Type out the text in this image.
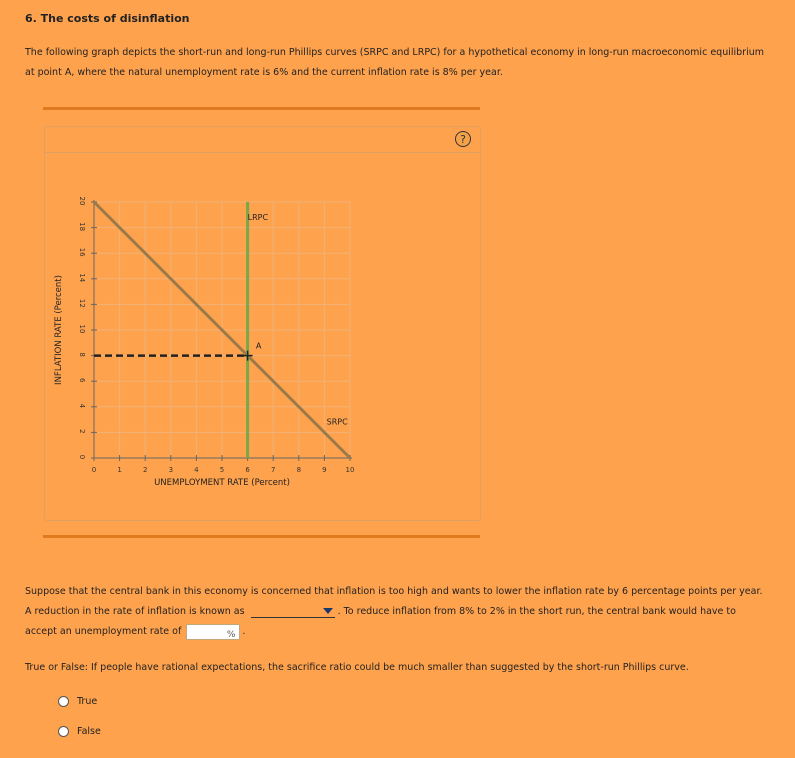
6. The costs of disinflation
The following graph depicts the short-run and long-run Phillips curves (SRPC and LRPC) for a hypothetical economy in long-run macroeconomic equilibrium at point A, where the natural unemployment rate is 6% and the current inflation rate is 8% per year.
?
0
2
4
6
8
10
12
14
16
18
20
0	1	2	3	4	5	6	7	8	9	10
UNEMPLOYMENT RATE (Percent)
INFLATION RATE (Percent)
SRPC
LRPC
A
Suppose that the central bank in this economy is concerned that inflation is too high and wants to lower the inflation rate by 6 percentage points per year. A reduction in the rate of inflation is known as	. To reduce inflation from 8% to 2% in the short run, the central bank would have to accept an unemployment rate of	% .
True or False: If people have rational expectations, the sacrifice ratio could be much smaller than suggested by the short-run Phillips curve.
True
False
